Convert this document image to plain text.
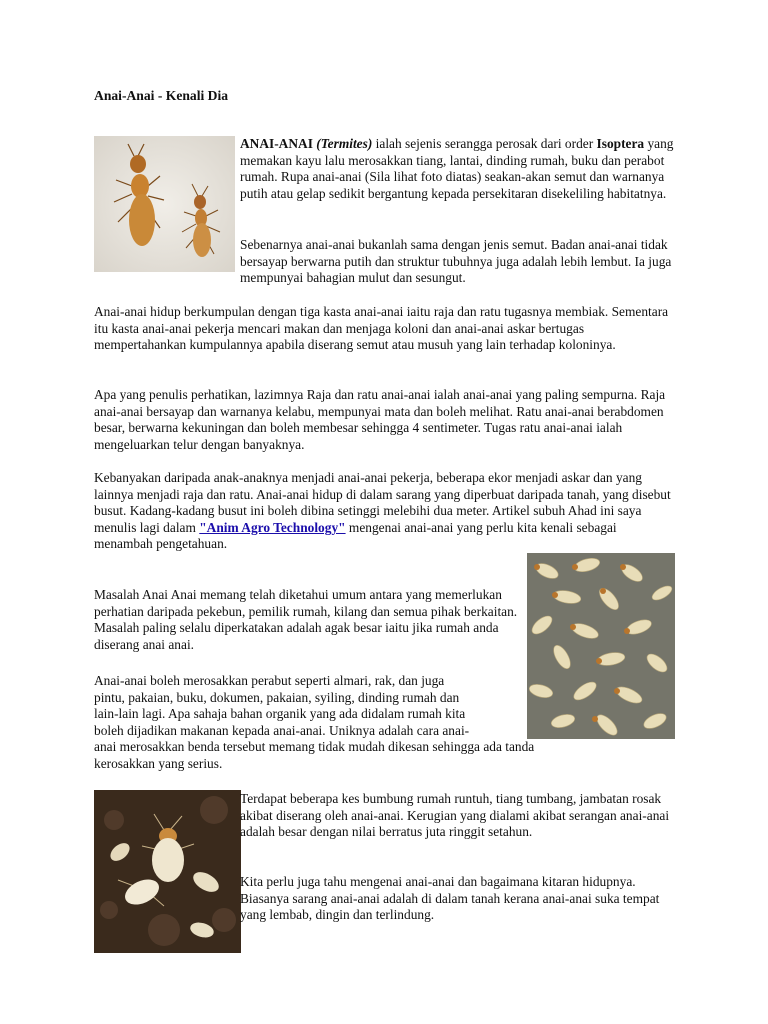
Anai-Anai - Kenali Dia

ANAI-ANAI (Termites) ialah sejenis serangga perosak dari order Isoptera yang memakan kayu lalu merosakkan tiang, lantai, dinding rumah, buku dan perabot rumah. Rupa anai-anai (Sila lihat foto diatas) seakan-akan semut dan warnanya putih atau gelap sedikit bergantung kepada persekitaran disekeliling habitatnya.

Sebenarnya anai-anai bukanlah sama dengan jenis semut. Badan anai-anai tidak bersayap berwarna putih dan struktur tubuhnya juga adalah lebih lembut. Ia juga mempunyai bahagian mulut dan sesungut.

Anai-anai hidup berkumpulan dengan tiga kasta anai-anai iaitu raja dan ratu tugasnya membiak. Sementara itu kasta anai-anai pekerja mencari makan dan menjaga koloni dan anai-anai askar bertugas mempertahankan kumpulannya apabila diserang semut atau musuh yang lain terhadap koloninya.

Apa yang penulis perhatikan, lazimnya Raja dan ratu anai-anai ialah anai-anai yang paling sempurna. Raja anai-anai bersayap dan warnanya kelabu, mempunyai mata dan boleh melihat. Ratu anai-anai berabdomen besar, berwarna kekuningan dan boleh membesar sehingga 4 sentimeter. Tugas ratu anai-anai ialah mengeluarkan telur dengan banyaknya.

Kebanyakan daripada anak-anaknya menjadi anai-anai pekerja, beberapa ekor menjadi askar dan yang lainnya menjadi raja dan ratu. Anai-anai hidup di dalam sarang yang diperbuat daripada tanah, yang disebut busut. Kadang-kadang busut ini boleh dibina setinggi melebihi dua meter. Artikel subuh Ahad ini saya menulis lagi dalam "Anim Agro Technology" mengenai anai-anai yang perlu kita kenali sebagai menambah pengetahuan.

Masalah Anai Anai memang telah diketahui umum antara yang memerlukan perhatian daripada pekebun, pemilik rumah, kilang dan semua pihak berkaitan. Masalah paling selalu diperkatakan adalah agak besar iaitu jika rumah anda diserang anai anai.

Anai-anai boleh merosakkan perabut seperti almari, rak, dan juga
pintu, pakaian, buku, dokumen, pakaian, syiling, dinding rumah dan
lain-lain lagi. Apa sahaja bahan organik yang ada didalam rumah kita
boleh dijadikan makanan kepada anai-anai. Uniknya adalah cara anai-
anai merosakkan benda tersebut memang tidak mudah dikesan sehingga ada tanda
kerosakkan yang serius.

Terdapat beberapa kes bumbung rumah runtuh, tiang tumbang, jambatan rosak akibat diserang oleh anai-anai. Kerugian yang dialami akibat serangan anai-anai adalah besar dengan nilai berratus juta ringgit setahun.

Kita perlu juga tahu mengenai anai-anai dan bagaimana kitaran hidupnya. Biasanya sarang anai-anai adalah di dalam tanah kerana anai-anai suka tempat yang lembab, dingin dan terlindung.
